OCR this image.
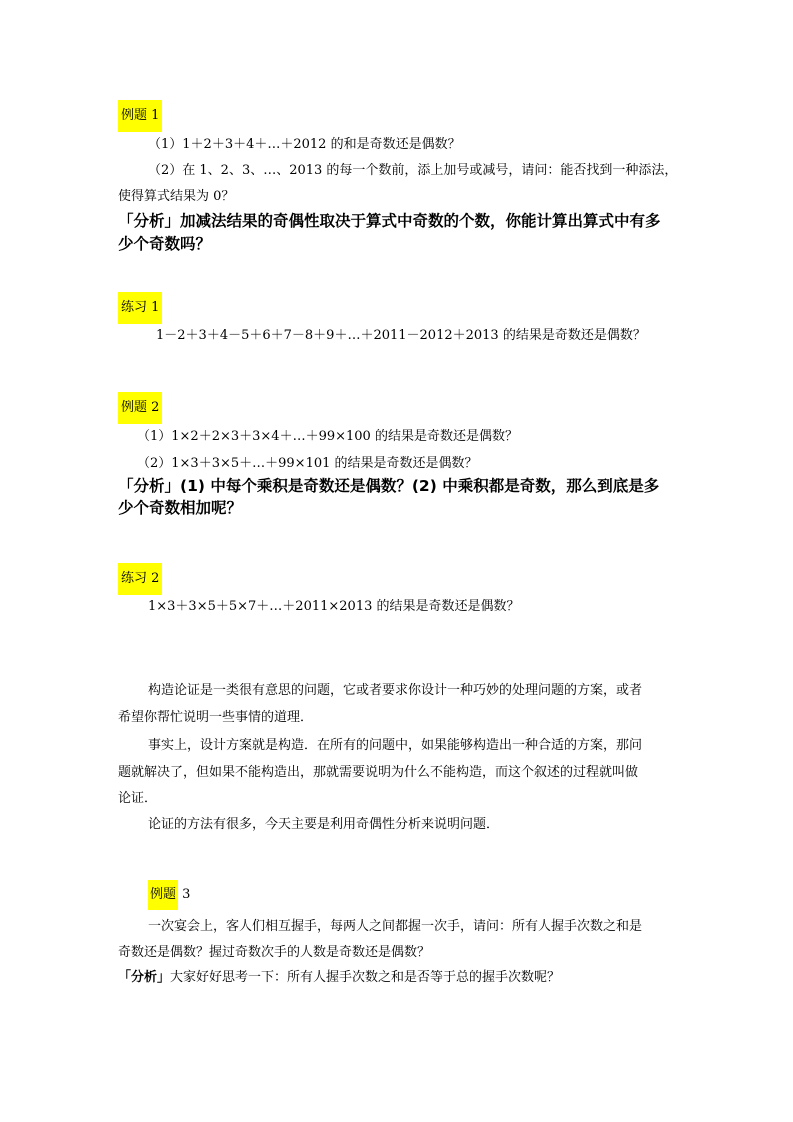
例题 1
（1）1＋2＋3＋4＋…＋2012 的和是奇数还是偶数？
（2）在 1、2、3、…、2013 的每一个数前，添上加号或减号，请问：能否找到一种添法，
使得算式结果为 0？
「分析」加减法结果的奇偶性取决于算式中奇数的个数，你能计算出算式中有多
少个奇数吗？
练习 1
1－2＋3＋4－5＋6＋7－8＋9＋…＋2011－2012＋2013 的结果是奇数还是偶数？
例题 2
（1）1×2＋2×3＋3×4＋…＋99×100 的结果是奇数还是偶数？
（2）1×3＋3×5＋…＋99×101 的结果是奇数还是偶数？
「分析」(1) 中每个乘积是奇数还是偶数？(2) 中乘积都是奇数，那么到底是多
少个奇数相加呢？
练习 2
1×3＋3×5＋5×7＋…＋2011×2013 的结果是奇数还是偶数？
构造论证是一类很有意思的问题，它或者要求你设计一种巧妙的处理问题的方案，或者
希望你帮忙说明一些事情的道理．
事实上，设计方案就是构造．在所有的问题中，如果能够构造出一种合适的方案，那问
题就解决了，但如果不能构造出，那就需要说明为什么不能构造，而这个叙述的过程就叫做
论证．
论证的方法有很多，今天主要是利用奇偶性分析来说明问题．
例题 3
一次宴会上，客人们相互握手，每两人之间都握一次手，请问：所有人握手次数之和是
奇数还是偶数？握过奇数次手的人数是奇数还是偶数？
「分析」大家好好思考一下：所有人握手次数之和是否等于总的握手次数呢？
